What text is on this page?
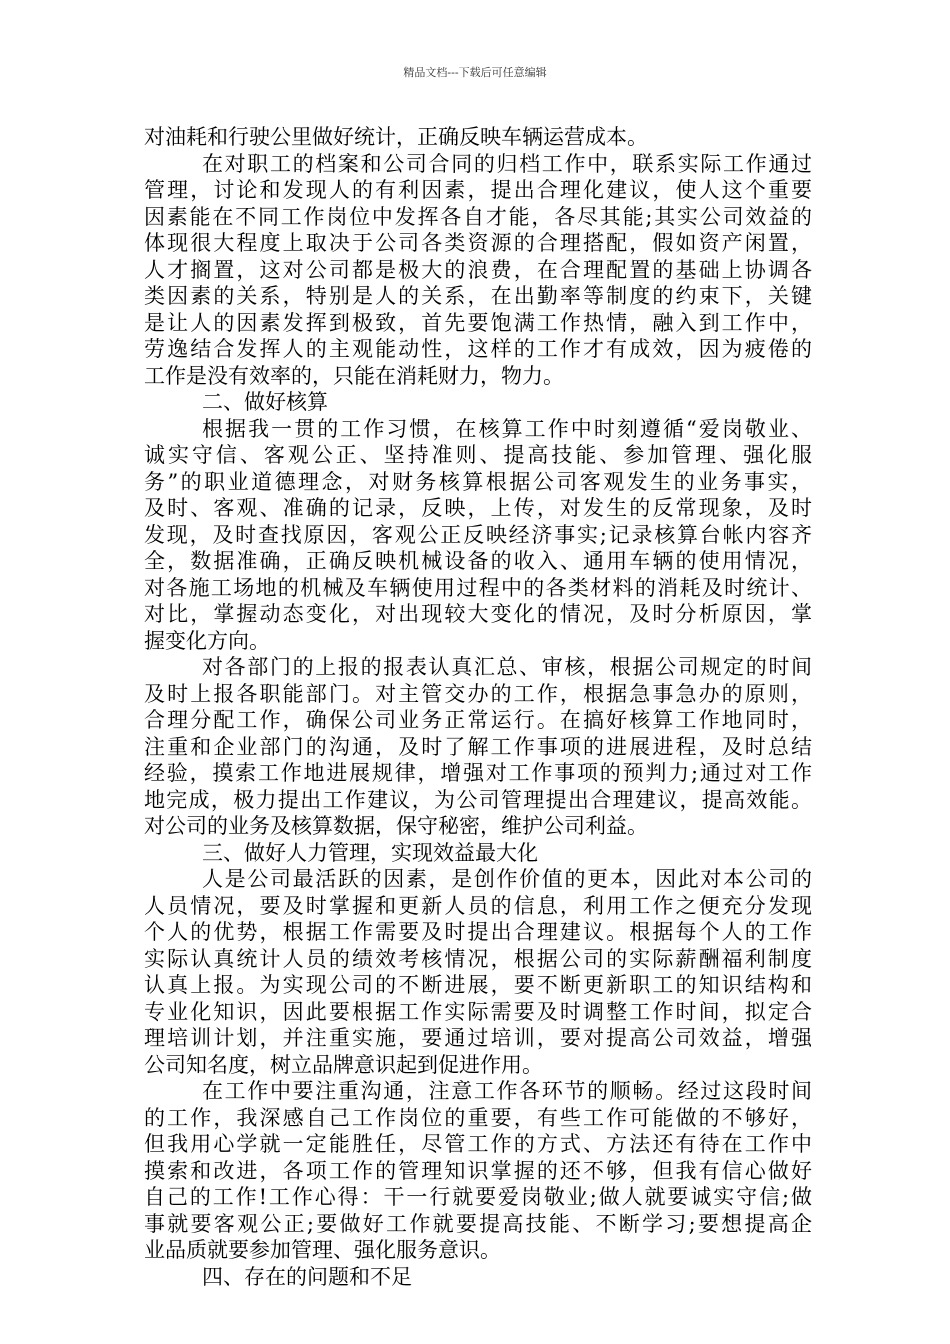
精品文档---下载后可任意编辑
对油耗和行驶公里做好统计，正确反映车辆运营成本。
在对职工的档案和公司合同的归档工作中，联系实际工作通过
管理，讨论和发现人的有利因素，提出合理化建议，使人这个重要
因素能在不同工作岗位中发挥各自才能，各尽其能;其实公司效益的
体现很大程度上取决于公司各类资源的合理搭配，假如资产闲置，
人才搁置，这对公司都是极大的浪费，在合理配置的基础上协调各
类因素的关系，特别是人的关系，在出勤率等制度的约束下，关键
是让人的因素发挥到极致，首先要饱满工作热情，融入到工作中，
劳逸结合发挥人的主观能动性，这样的工作才有成效，因为疲倦的
工作是没有效率的，只能在消耗财力，物力。
二、做好核算
根据我一贯的工作习惯，在核算工作中时刻遵循“爱岗敬业、
诚实守信、客观公正、坚持准则、提高技能、参加管理、强化服
务”的职业道德理念，对财务核算根据公司客观发生的业务事实，
及时、客观、准确的记录，反映，上传，对发生的反常现象，及时
发现，及时查找原因，客观公正反映经济事实;记录核算台帐内容齐
全，数据准确，正确反映机械设备的收入、通用车辆的使用情况，
对各施工场地的机械及车辆使用过程中的各类材料的消耗及时统计、
对比，掌握动态变化，对出现较大变化的情况，及时分析原因，掌
握变化方向。
对各部门的上报的报表认真汇总、审核，根据公司规定的时间
及时上报各职能部门。对主管交办的工作，根据急事急办的原则，
合理分配工作，确保公司业务正常运行。在搞好核算工作地同时，
注重和企业部门的沟通，及时了解工作事项的进展进程，及时总结
经验，摸索工作地进展规律，增强对工作事项的预判力;通过对工作
地完成，极力提出工作建议，为公司管理提出合理建议，提高效能。
对公司的业务及核算数据，保守秘密，维护公司利益。
三、做好人力管理，实现效益最大化
人是公司最活跃的因素，是创作价值的更本，因此对本公司的
人员情况，要及时掌握和更新人员的信息，利用工作之便充分发现
个人的优势，根据工作需要及时提出合理建议。根据每个人的工作
实际认真统计人员的绩效考核情况，根据公司的实际薪酬福利制度
认真上报。为实现公司的不断进展，要不断更新职工的知识结构和
专业化知识，因此要根据工作实际需要及时调整工作时间，拟定合
理培训计划，并注重实施，要通过培训，要对提高公司效益，增强
公司知名度，树立品牌意识起到促进作用。
在工作中要注重沟通，注意工作各环节的顺畅。经过这段时间
的工作，我深感自己工作岗位的重要，有些工作可能做的不够好，
但我用心学就一定能胜任，尽管工作的方式、方法还有待在工作中
摸索和改进，各项工作的管理知识掌握的还不够，但我有信心做好
自己的工作!工作心得：干一行就要爱岗敬业;做人就要诚实守信;做
事就要客观公正;要做好工作就要提高技能、不断学习;要想提高企
业品质就要参加管理、强化服务意识。
四、存在的问题和不足
